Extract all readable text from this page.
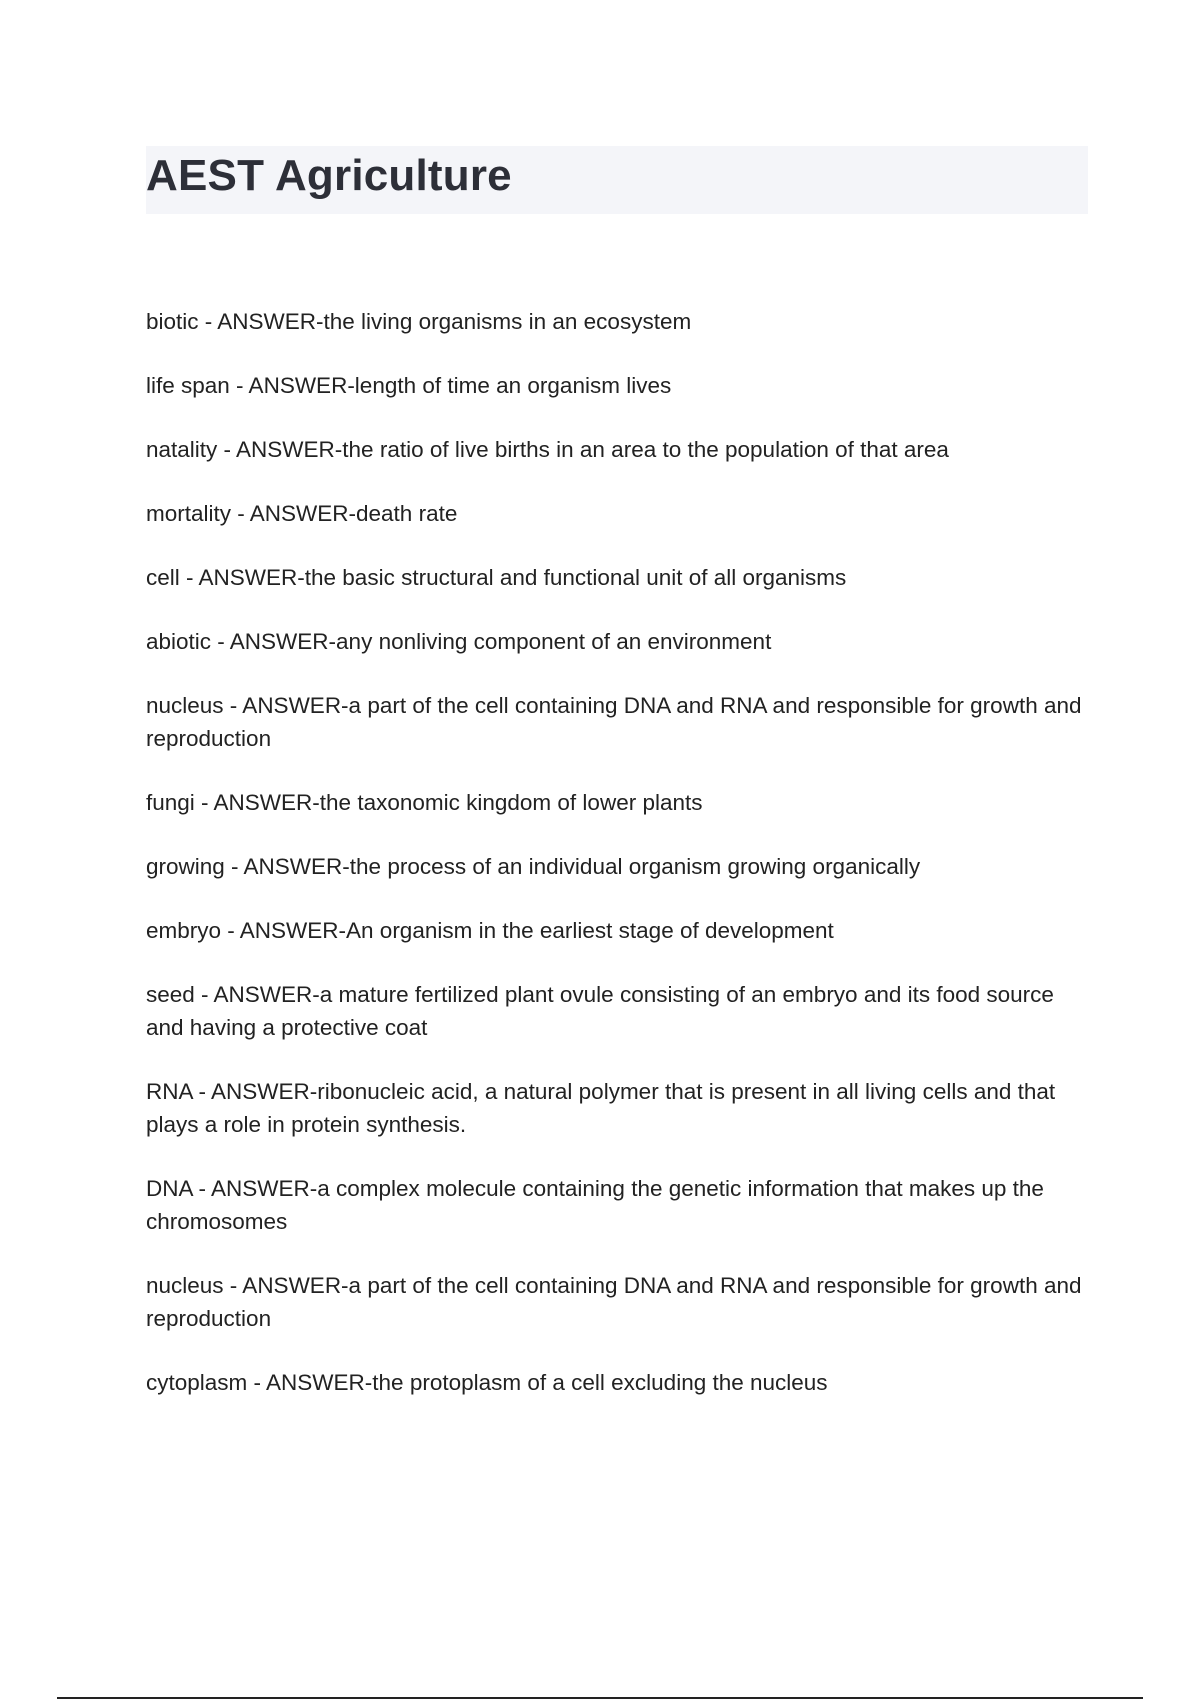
AEST Agriculture
biotic - ANSWER-the living organisms in an ecosystem
life span - ANSWER-length of time an organism lives
natality - ANSWER-the ratio of live births in an area to the population of that area
mortality - ANSWER-death rate
cell - ANSWER-the basic structural and functional unit of all organisms
abiotic - ANSWER-any nonliving component of an environment
nucleus - ANSWER-a part of the cell containing DNA and RNA and responsible for growth and reproduction
fungi - ANSWER-the taxonomic kingdom of lower plants
growing - ANSWER-the process of an individual organism growing organically
embryo - ANSWER-An organism in the earliest stage of development
seed - ANSWER-a mature fertilized plant ovule consisting of an embryo and its food source and having a protective coat
RNA - ANSWER-ribonucleic acid, a natural polymer that is present in all living cells and that plays a role in protein synthesis.
DNA - ANSWER-a complex molecule containing the genetic information that makes up the chromosomes
nucleus - ANSWER-a part of the cell containing DNA and RNA and responsible for growth and reproduction
cytoplasm - ANSWER-the protoplasm of a cell excluding the nucleus
